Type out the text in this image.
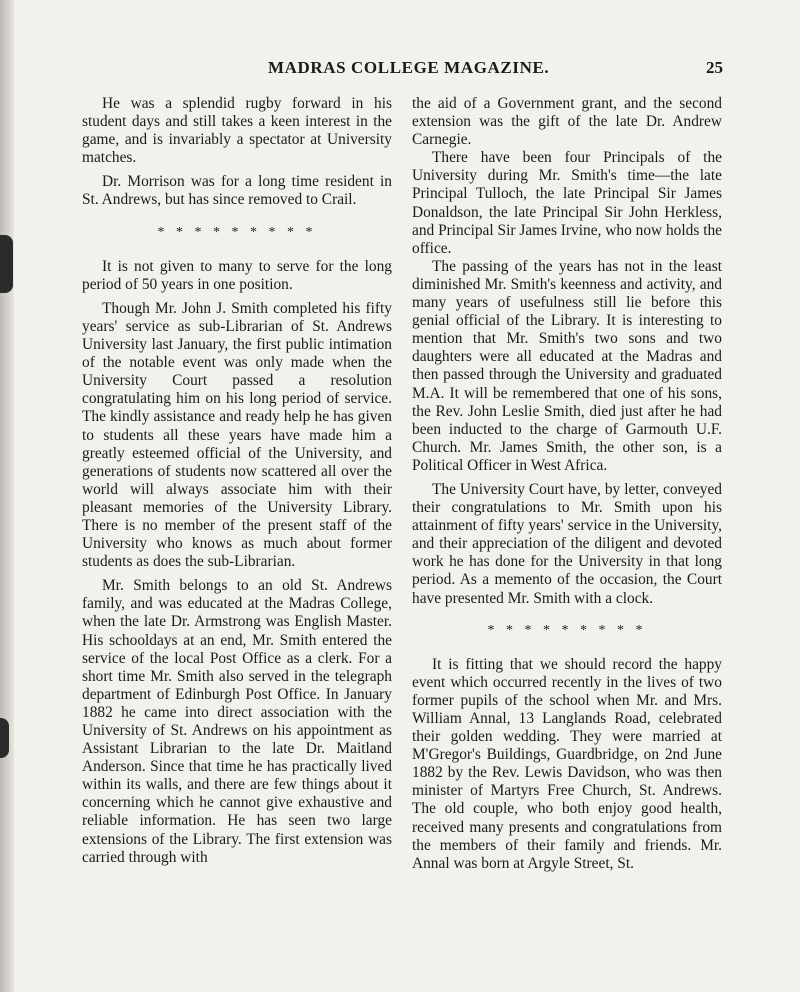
MADRAS COLLEGE MAGAZINE.	25

He was a splendid rugby forward in his student days and still takes a keen interest in the game, and is invariably a spectator at University matches.

Dr. Morrison was for a long time resident in St. Andrews, but has since removed to Crail.

* * * * * * * * *

It is not given to many to serve for the long period of 50 years in one position.

Though Mr. John J. Smith completed his fifty years' service as sub-Librarian of St. Andrews University last January, the first public intimation of the notable event was only made when the University Court passed a resolution congratulating him on his long period of service. The kindly assistance and ready help he has given to students all these years have made him a greatly esteemed official of the University, and generations of students now scattered all over the world will always associate him with their pleasant memories of the University Library. There is no member of the present staff of the University who knows as much about former students as does the sub-Librarian.

Mr. Smith belongs to an old St. Andrews family, and was educated at the Madras College, when the late Dr. Armstrong was English Master. His schooldays at an end, Mr. Smith entered the service of the local Post Office as a clerk. For a short time Mr. Smith also served in the telegraph department of Edinburgh Post Office. In January 1882 he came into direct association with the University of St. Andrews on his appointment as Assistant Librarian to the late Dr. Maitland Anderson. Since that time he has practically lived within its walls, and there are few things about it concerning which he cannot give exhaustive and reliable information. He has seen two large extensions of the Library. The first extension was carried through with

the aid of a Government grant, and the second extension was the gift of the late Dr. Andrew Carnegie.

There have been four Principals of the University during Mr. Smith's time—the late Principal Tulloch, the late Principal Sir James Donaldson, the late Principal Sir John Herkless, and Principal Sir James Irvine, who now holds the office.

The passing of the years has not in the least diminished Mr. Smith's keenness and activity, and many years of usefulness still lie before this genial official of the Library. It is interesting to mention that Mr. Smith's two sons and two daughters were all educated at the Madras and then passed through the University and graduated M.A. It will be remembered that one of his sons, the Rev. John Leslie Smith, died just after he had been inducted to the charge of Garmouth U.F. Church. Mr. James Smith, the other son, is a Political Officer in West Africa.

The University Court have, by letter, conveyed their congratulations to Mr. Smith upon his attainment of fifty years' service in the University, and their appreciation of the diligent and devoted work he has done for the University in that long period. As a memento of the occasion, the Court have presented Mr. Smith with a clock.

* * * * * * * * *

It is fitting that we should record the happy event which occurred recently in the lives of two former pupils of the school when Mr. and Mrs. William Annal, 13 Langlands Road, celebrated their golden wedding. They were married at M'Gregor's Buildings, Guardbridge, on 2nd June 1882 by the Rev. Lewis Davidson, who was then minister of Martyrs Free Church, St. Andrews. The old couple, who both enjoy good health, received many presents and congratulations from the members of their family and friends. Mr. Annal was born at Argyle Street, St.
